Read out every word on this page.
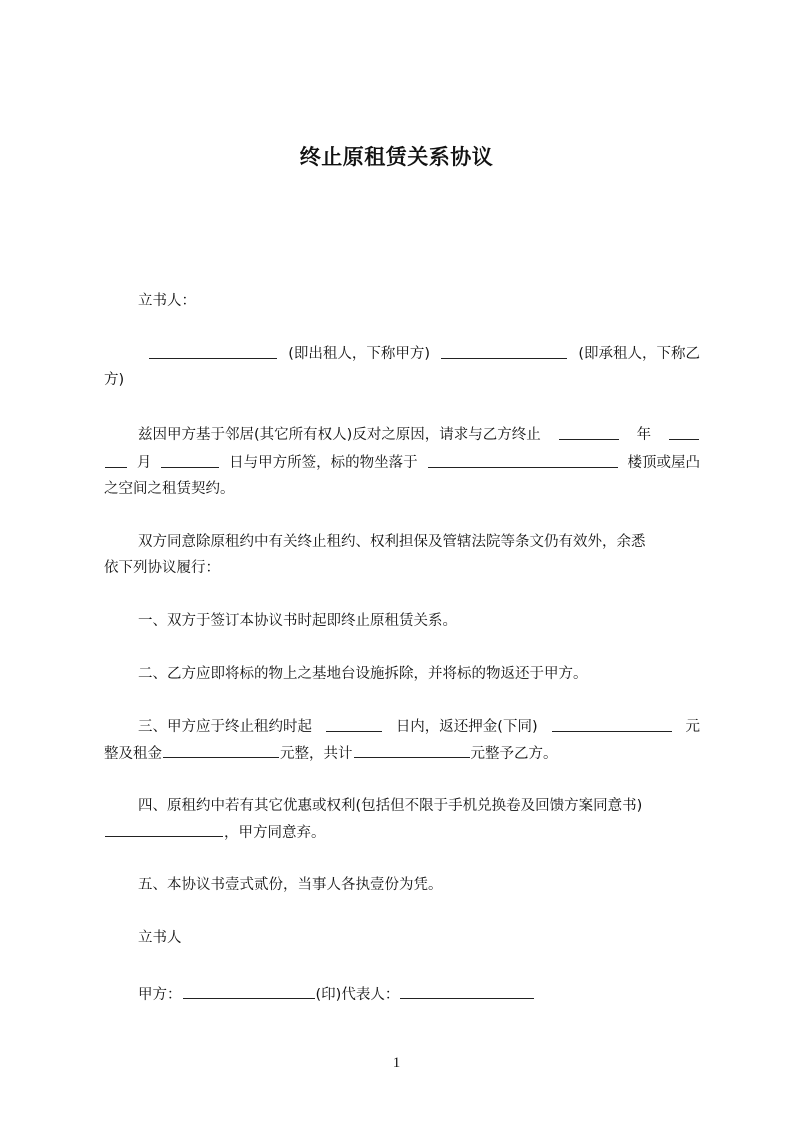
终止原租赁关系协议
立书人：
(即出租人，下称甲方)	(即承租人，下称乙
方)
兹因甲方基于邻居(其它所有权人)反对之原因，请求与乙方终止	年
月	日与甲方所签，标的物坐落于	楼顶或屋凸
之空间之租赁契约。
双方同意除原租约中有关终止租约、权利担保及管辖法院等条文仍有效外，余悉
依下列协议履行：
一、双方于签订本协议书时起即终止原租赁关系。
二、乙方应即将标的物上之基地台设施拆除，并将标的物返还于甲方。
三、甲方应于终止租约时起	日内，返还押金(下同)	元
整及租金	元整，共计	元整予乙方。
四、原租约中若有其它优惠或权利(包括但不限于手机兑换卷及回馈方案同意书)
，甲方同意弃。
五、本协议书壹式贰份，当事人各执壹份为凭。
立书人
甲方：	(印)代表人：
1
